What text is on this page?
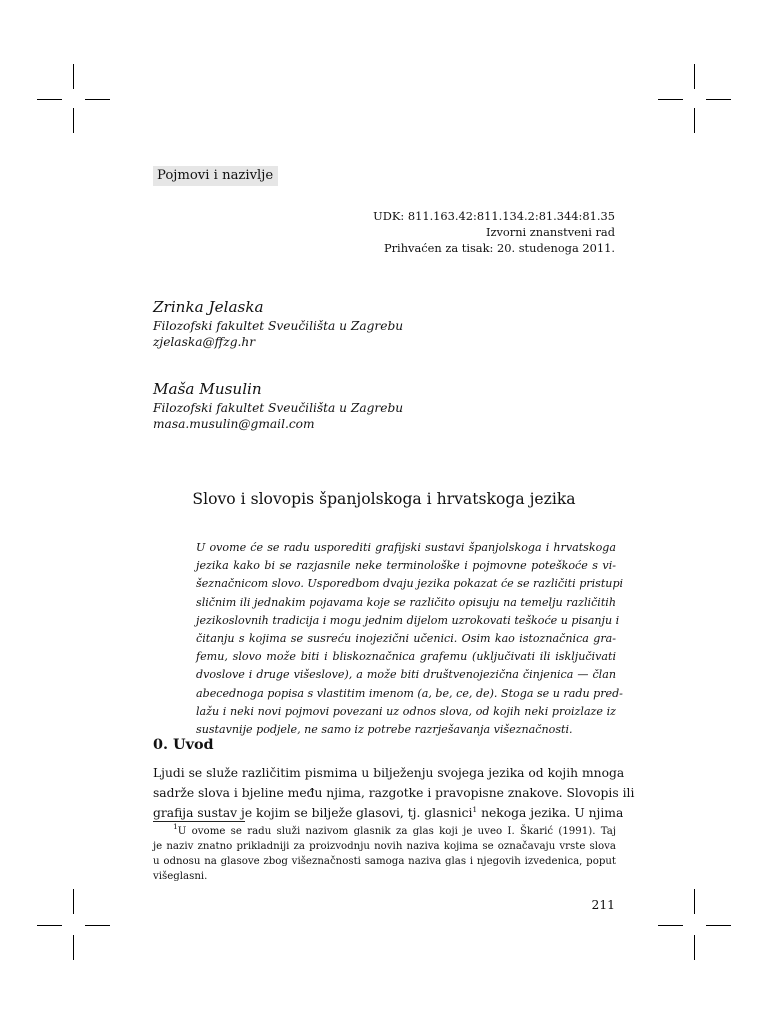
Pojmovi i nazivlje
UDK: 811.163.42:811.134.2:81.344:81.35
Izvorni znanstveni rad
Prihvaćen za tisak: 20. studenoga 2011.
Zrinka Jelaska
Filozofski fakultet Sveučilišta u Zagrebu
zjelaska@ffzg.hr
Maša Musulin
Filozofski fakultet Sveučilišta u Zagrebu
masa.musulin@gmail.com
Slovo i slovopis španjolskoga i hrvatskoga jezika
U ovome će se radu usporediti grafijski sustavi španjolskoga i hrvatskoga
jezika kako bi se razjasnile neke terminološke i pojmovne poteškoće s vi-
šeznačnicom slovo. Usporedbom dvaju jezika pokazat će se različiti pristupi
sličnim ili jednakim pojavama koje se različito opisuju na temelju različitih
jezikoslovnih tradicija i mogu jednim dijelom uzrokovati teškoće u pisanju i
čitanju s kojima se susreću inojezični učenici. Osim kao istoznačnica gra-
femu, slovo može biti i bliskoznačnica grafemu (uključivati ili isključivati
dvoslove i druge višeslove), a može biti društvenojezična činjenica — član
abecednoga popisa s vlastitim imenom (a, be, ce, de). Stoga se u radu pred-
lažu i neki novi pojmovi povezani uz odnos slova, od kojih neki proizlaze iz
sustavnije podjele, ne samo iz potrebe razrješavanja višeznačnosti.
0. Uvod
Ljudi se služe različitim pismima u bilježenju svojega jezika od kojih mnoga
sadrže slova i bjeline među njima, razgotke i pravopisne znakove. Slovopis ili
grafija sustav je kojim se bilježe glasovi, tj. glasnici$^1$ nekoga jezika. U njima
$^1$U ovome se radu služi nazivom glasnik za glas koji je uveo I. Škarić (1991). Taj
je naziv znatno prikladniji za proizvodnju novih naziva kojima se označavaju vrste slova
u odnosu na glasove zbog višeznačnosti samoga naziva glas i njegovih izvedenica, poput
višeglasni.
211
